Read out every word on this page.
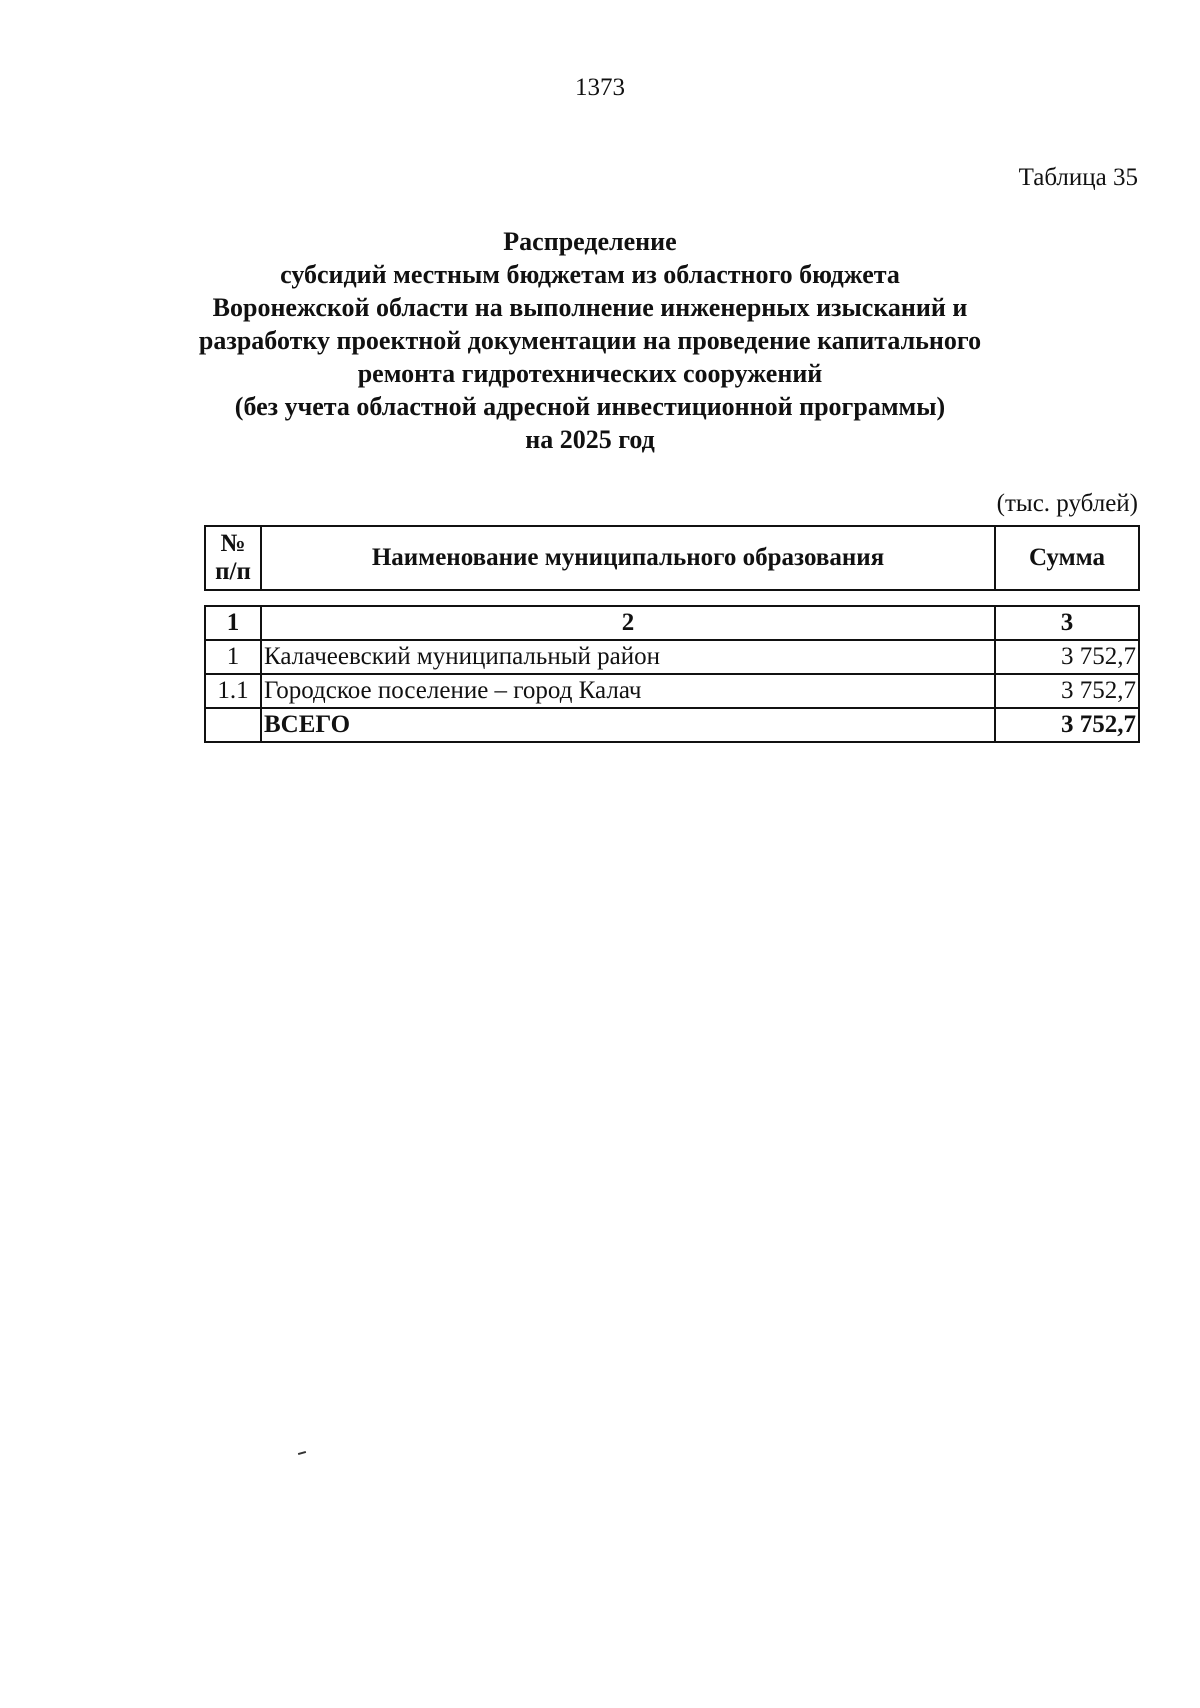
1373
Таблица 35
Распределение
субсидий местным бюджетам из областного бюджета
Воронежской области на выполнение инженерных изысканий и
разработку проектной документации на проведение капитального
ремонта гидротехнических сооружений
(без учета областной адресной инвестиционной программы)
на 2025 год
(тыс. рублей)
№
п/п
	Наименование муниципального образования	Сумма
1	2	3
1	Калачеевский муниципальный район	3 752,7
1.1	Городское поселение – город Калач	3 752,7
	ВСЕГО	3 752,7
